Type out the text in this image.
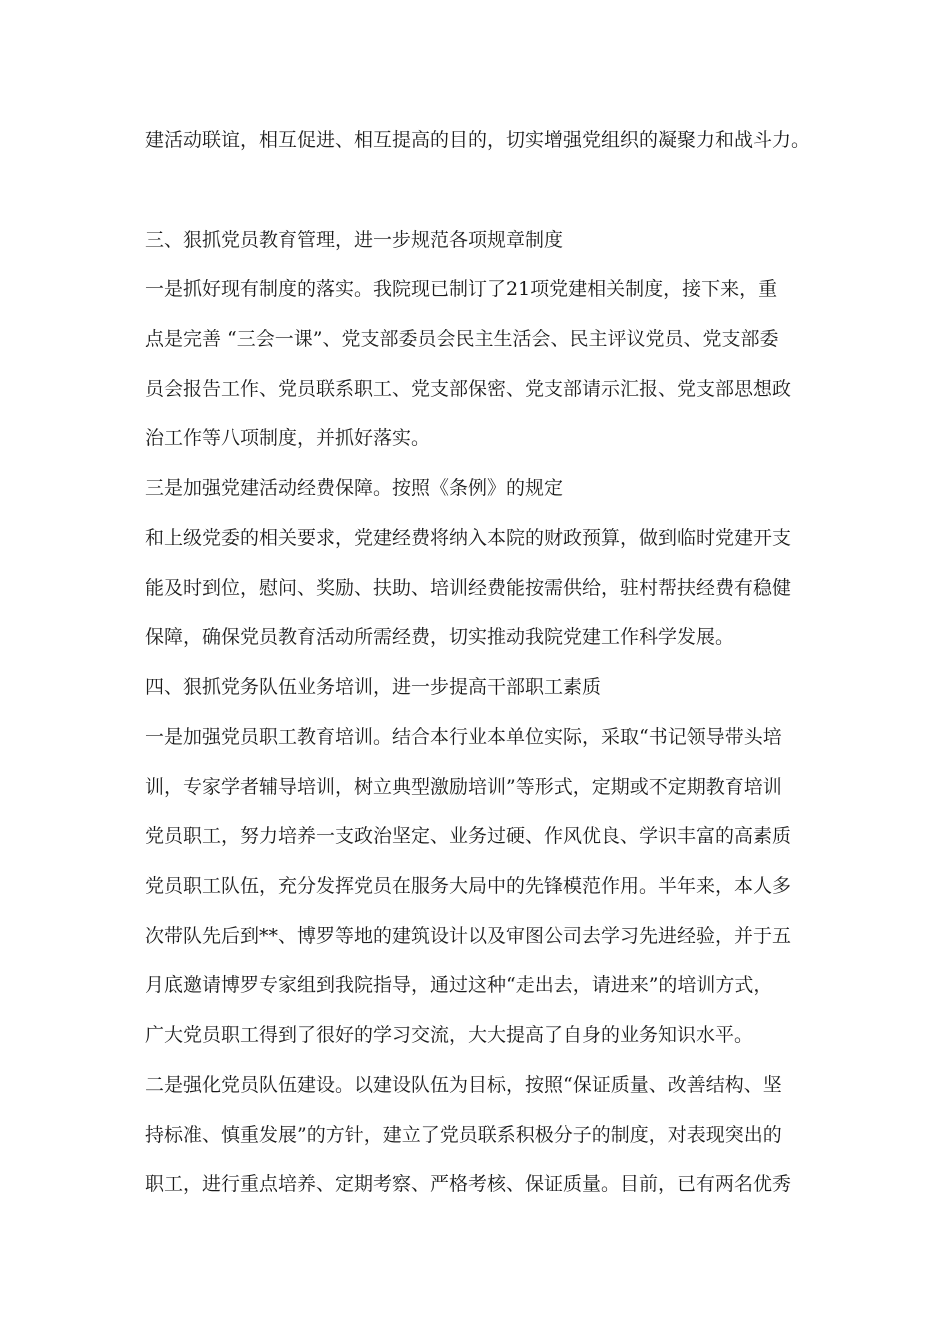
建活动联谊，相互促进、相互提高的目的，切实增强党组织的凝聚力和战斗力。
三、狠抓党员教育管理，进一步规范各项规章制度
一是抓好现有制度的落实。我院现已制订了21项党建相关制度，接下来，重
点是完善 “三会一课”、党支部委员会民主生活会、民主评议党员、党支部委
员会报告工作、党员联系职工、党支部保密、党支部请示汇报、党支部思想政
治工作等八项制度，并抓好落实。
三是加强党建活动经费保障。按照《条例》的规定
和上级党委的相关要求，党建经费将纳入本院的财政预算，做到临时党建开支
能及时到位，慰问、奖励、扶助、培训经费能按需供给，驻村帮扶经费有稳健
保障，确保党员教育活动所需经费，切实推动我院党建工作科学发展。
四、狠抓党务队伍业务培训，进一步提高干部职工素质
一是加强党员职工教育培训。结合本行业本单位实际，采取“书记领导带头培
训，专家学者辅导培训，树立典型激励培训”等形式，定期或不定期教育培训
党员职工，努力培养一支政治坚定、业务过硬、作风优良、学识丰富的高素质
党员职工队伍，充分发挥党员在服务大局中的先锋模范作用。半年来，本人多
次带队先后到**、博罗等地的建筑设计以及审图公司去学习先进经验，并于五
月底邀请博罗专家组到我院指导，通过这种“走出去，请进来”的培训方式，
广大党员职工得到了很好的学习交流，大大提高了自身的业务知识水平。
二是强化党员队伍建设。以建设队伍为目标，按照“保证质量、改善结构、坚
持标准、慎重发展”的方针，建立了党员联系积极分子的制度，对表现突出的
职工，进行重点培养、定期考察、严格考核、保证质量。目前，已有两名优秀
